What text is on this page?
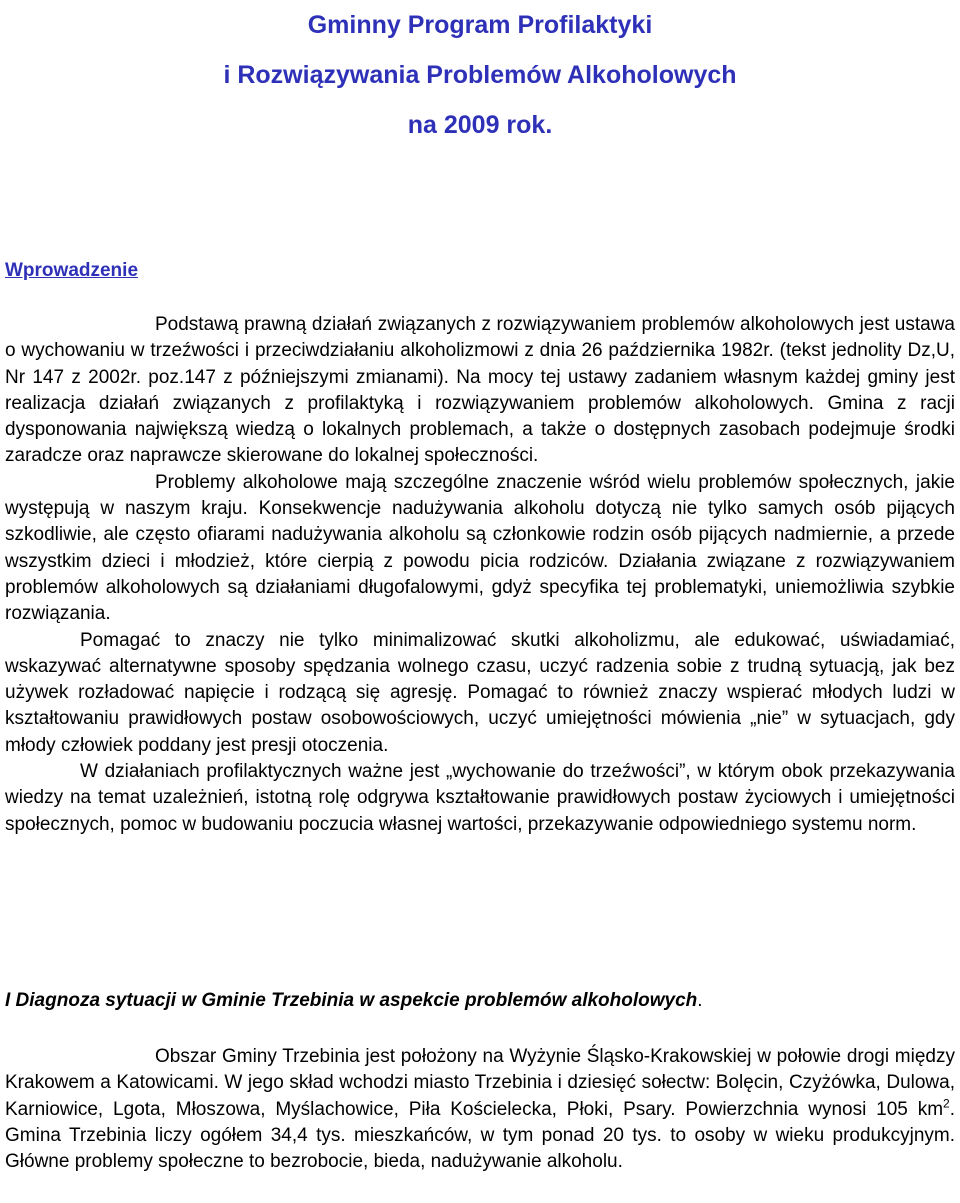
Gminny Program Profilaktyki
i Rozwiązywania Problemów Alkoholowych
na 2009 rok.
Wprowadzenie

Podstawą prawną działań związanych z rozwiązywaniem problemów alkoholowych jest ustawa o wychowaniu w trzeźwości i przeciwdziałaniu alkoholizmowi z dnia 26 października 1982r. (tekst jednolity Dz,U, Nr 147 z 2002r. poz.147 z późniejszymi zmianami). Na mocy tej ustawy zadaniem własnym każdej gminy jest realizacja działań związanych z profilaktyką i rozwiązywaniem problemów alkoholowych. Gmina z racji dysponowania największą wiedzą o lokalnych problemach, a także o dostępnych zasobach podejmuje środki zaradcze oraz naprawcze skierowane do lokalnej społeczności.

Problemy alkoholowe mają szczególne znaczenie wśród wielu problemów społecznych, jakie występują w naszym kraju. Konsekwencje nadużywania alkoholu dotyczą nie tylko samych osób pijących szkodliwie, ale często ofiarami nadużywania alkoholu są członkowie rodzin osób pijących nadmiernie, a przede wszystkim dzieci i młodzież, które cierpią z powodu picia rodziców. Działania związane z rozwiązywaniem problemów alkoholowych są działaniami długofalowymi, gdyż specyfika tej problematyki, uniemożliwia szybkie rozwiązania.

Pomagać to znaczy nie tylko minimalizować skutki alkoholizmu, ale edukować, uświadamiać, wskazywać alternatywne sposoby spędzania wolnego czasu, uczyć radzenia sobie z trudną sytuacją, jak bez używek rozładować napięcie i rodzącą się agresję. Pomagać to również znaczy wspierać młodych ludzi w kształtowaniu prawidłowych postaw osobowościowych, uczyć umiejętności mówienia „nie” w sytuacjach, gdy młody człowiek poddany jest presji otoczenia.

W działaniach profilaktycznych ważne jest „wychowanie do trzeźwości”, w którym obok przekazywania wiedzy na temat uzależnień, istotną rolę odgrywa kształtowanie prawidłowych postaw życiowych i umiejętności społecznych, pomoc w budowaniu poczucia własnej wartości, przekazywanie odpowiedniego systemu norm.

I Diagnoza sytuacji w Gminie Trzebinia w aspekcie problemów alkoholowych.

Obszar Gminy Trzebinia jest położony na Wyżynie Śląsko-Krakowskiej w połowie drogi między Krakowem a Katowicami. W jego skład wchodzi miasto Trzebinia i dziesięć sołectw: Bolęcin, Czyżówka, Dulowa, Karniowice, Lgota, Młoszowa, Myślachowice, Piła Kościelecka, Płoki, Psary. Powierzchnia wynosi 105 $km^2$. Gmina Trzebinia liczy ogółem 34,4 tys. mieszkańców, w tym ponad 20 tys. to osoby w wieku produkcyjnym. Główne problemy społeczne to bezrobocie, bieda, nadużywanie alkoholu.
